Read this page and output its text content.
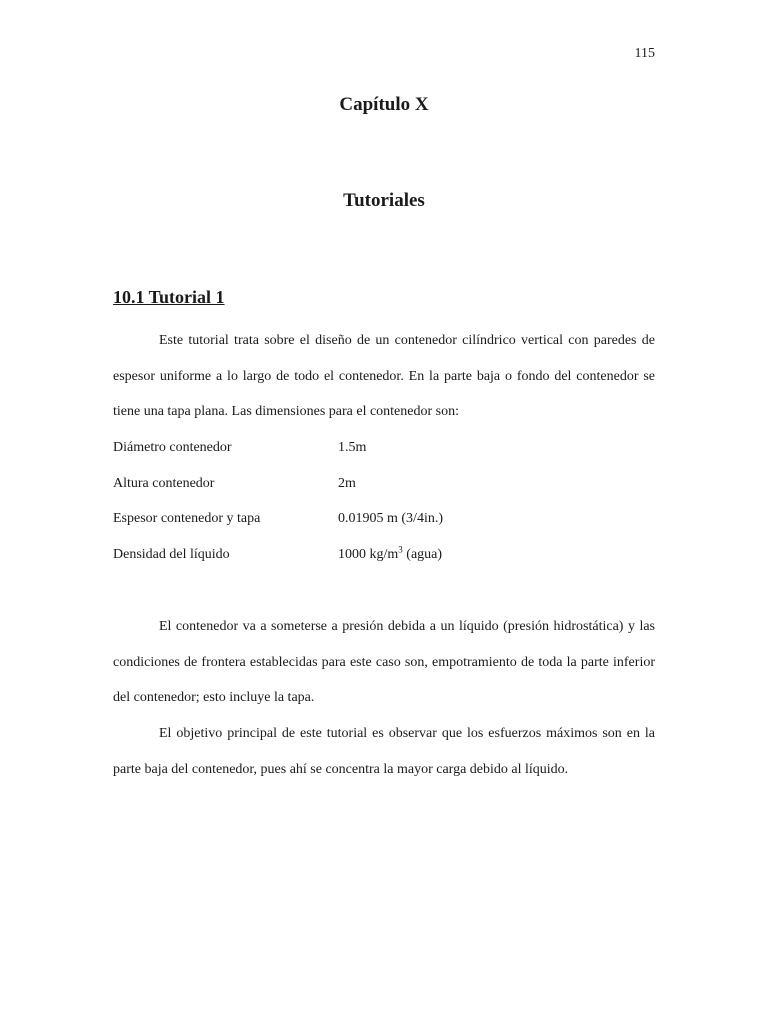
115
Capítulo X
Tutoriales
10.1 Tutorial 1

Este tutorial trata sobre el diseño de un contenedor cilíndrico vertical con paredes de espesor uniforme a lo largo de todo el contenedor. En la parte baja o fondo del contenedor se tiene una tapa plana. Las dimensiones para el contenedor son:

Diámetro contenedor	1.5m
Altura contenedor	2m
Espesor contenedor y tapa	0.01905 m (3/4in.)
Densidad del líquido	1000 $kg/m^3$ (agua)

El contenedor va a someterse a presión debida a un líquido (presión hidrostática) y las condiciones de frontera establecidas para este caso son, empotramiento de toda la parte inferior del contenedor; esto incluye la tapa.

El objetivo principal de este tutorial es observar que los esfuerzos máximos son en la parte baja del contenedor, pues ahí se concentra la mayor carga debido al líquido.
